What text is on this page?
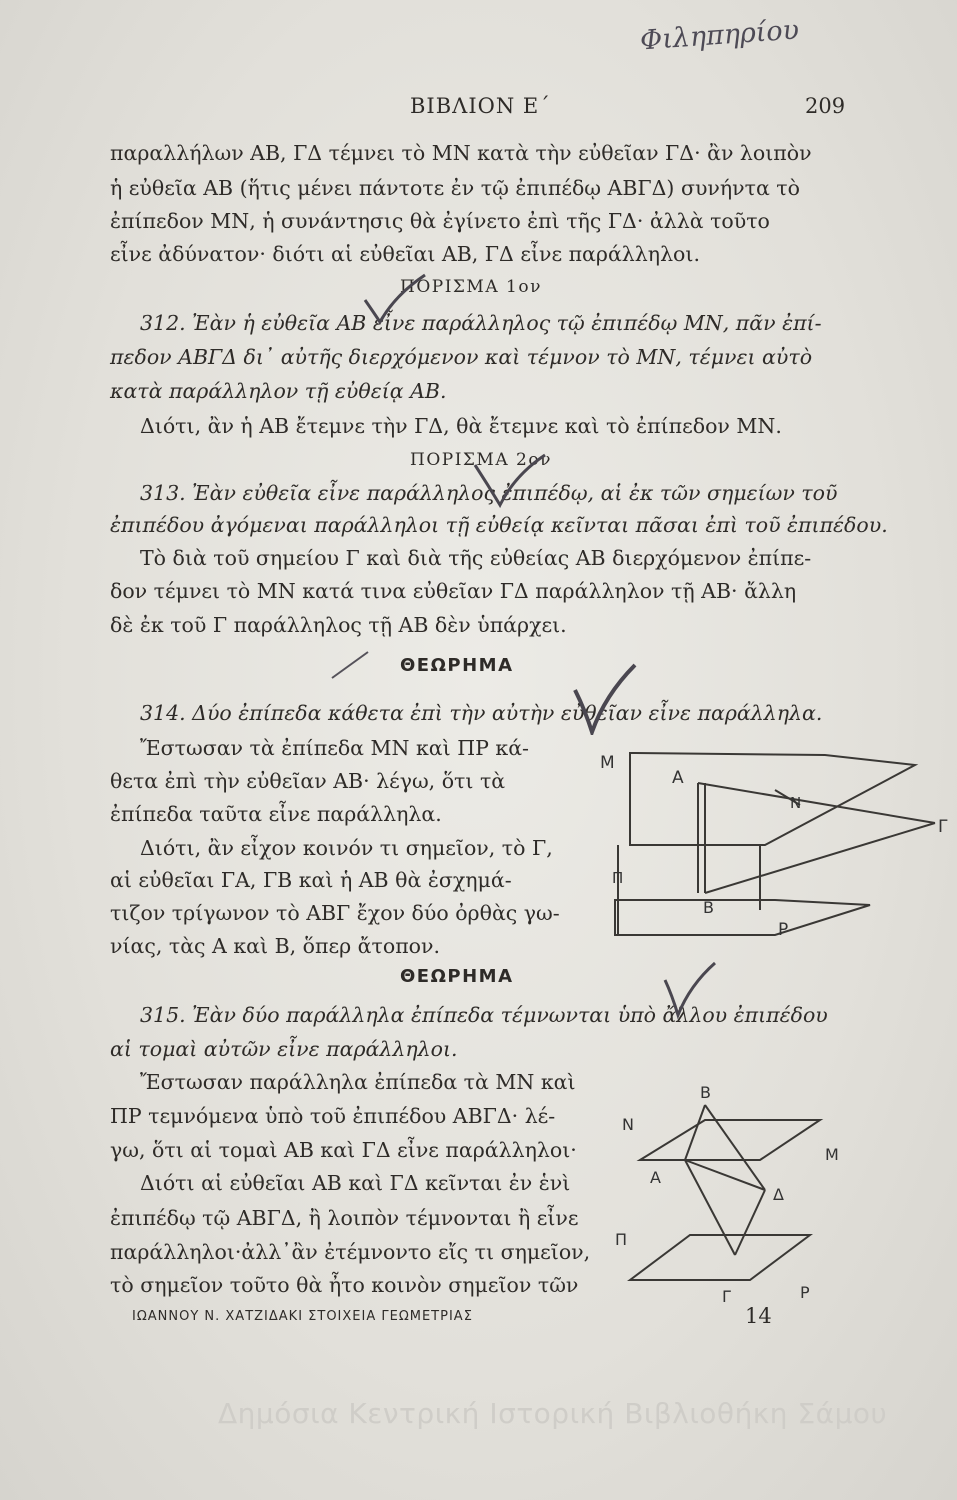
Φιληπηρίου
ΒΙΒΛΙΟΝ Ε΄	209
παραλλήλων ΑΒ, ΓΔ τέμνει τὸ ΜΝ κατὰ τὴν εὐθεῖαν ΓΔ· ἂν λοιπὸν
ἡ εὐθεῖα ΑΒ (ἥτις μένει πάντοτε ἐν τῷ ἐπιπέδῳ ΑΒΓΔ) συνήντα τὸ
ἐπίπεδον ΜΝ, ἡ συνάντησις θὰ ἐγίνετο ἐπὶ τῆς ΓΔ· ἀλλὰ τοῦτο
εἶνε ἀδύνατον· διότι αἱ εὐθεῖαι ΑΒ, ΓΔ εἶνε παράλληλοι.
ΠΟΡΙΣΜΑ 1ον
312. Ἐὰν ἡ εὐθεῖα ΑΒ εἶνε παράλληλος τῷ ἐπιπέδῳ ΜΝ, πᾶν ἐπί-
πεδον ΑΒΓΔ δι᾽ αὐτῆς διερχόμενον καὶ τέμνον τὸ ΜΝ, τέμνει αὐτὸ
κατὰ παράλληλον τῇ εὐθείᾳ ΑΒ.
Διότι, ἂν ἡ ΑΒ ἔτεμνε τὴν ΓΔ, θὰ ἔτεμνε καὶ τὸ ἐπίπεδον ΜΝ.
ΠΟΡΙΣΜΑ 2ον
313. Ἐὰν εὐθεῖα εἶνε παράλληλος ἐπιπέδῳ, αἱ ἐκ τῶν σημείων τοῦ
ἐπιπέδου ἀγόμεναι παράλληλοι τῇ εὐθείᾳ κεῖνται πᾶσαι ἐπὶ τοῦ ἐπιπέδου.
Τὸ διὰ τοῦ σημείου Γ καὶ διὰ τῆς εὐθείας ΑΒ διερχόμενον ἐπίπε-
δον τέμνει τὸ ΜΝ κατά τινα εὐθεῖαν ΓΔ παράλληλον τῇ ΑΒ· ἄλλη
δὲ ἐκ τοῦ Γ παράλληλος τῇ ΑΒ δὲν ὑπάρχει.
ΘΕΩΡΗΜΑ
314. Δύο ἐπίπεδα κάθετα ἐπὶ τὴν αὐτὴν εὐθεῖαν εἶνε παράλληλα.
Ἔστωσαν τὰ ἐπίπεδα ΜΝ καὶ ΠΡ κά-
θετα ἐπὶ τὴν εὐθεῖαν ΑΒ· λέγω, ὅτι τὰ
ἐπίπεδα ταῦτα εἶνε παράλληλα.
Διότι, ἂν εἶχον κοινόν τι σημεῖον, τὸ Γ,
αἱ εὐθεῖαι ΓΑ, ΓΒ καὶ ἡ ΑΒ θὰ ἐσχημά-
τιζον τρίγωνον τὸ ΑΒΓ ἔχον δύο ὀρθὰς γω-
νίας, τὰς Α καὶ Β, ὅπερ ἄτοπον.
ΘΕΩΡΗΜΑ
315. Ἐὰν δύο παράλληλα ἐπίπεδα τέμνωνται ὑπὸ ἄλλου ἐπιπέδου
αἱ τομαὶ αὐτῶν εἶνε παράλληλοι.
Ἔστωσαν παράλληλα ἐπίπεδα τὰ ΜΝ καὶ
ΠΡ τεμνόμενα ὑπὸ τοῦ ἐπιπέδου ΑΒΓΔ· λέ-
γω, ὅτι αἱ τομαὶ ΑΒ καὶ ΓΔ εἶνε παράλληλοι·
Διότι αἱ εὐθεῖαι ΑΒ καὶ ΓΔ κεῖνται ἐν ἑνὶ
ἐπιπέδῳ τῷ ΑΒΓΔ, ἢ λοιπὸν τέμνονται ἢ εἶνε
παράλληλοι·ἀλλ᾽ἂν ἐτέμνοντο εἴς τι σημεῖον,
τὸ σημεῖον τοῦτο θὰ ἦτο κοινὸν σημεῖον τῶν
M
A
N
Γ
Π
B
P
B
N
M
A
Δ
Π
P
Γ
ΙΩΑΝΝΟΥ Ν. ΧΑΤΖΙΔΑΚΙ ΣΤΟΙΧΕΙΑ ΓΕΩΜΕΤΡΙΑΣ	14
Δημόσια Κεντρική Ιστορική Βιβλιοθήκη Σάμου
